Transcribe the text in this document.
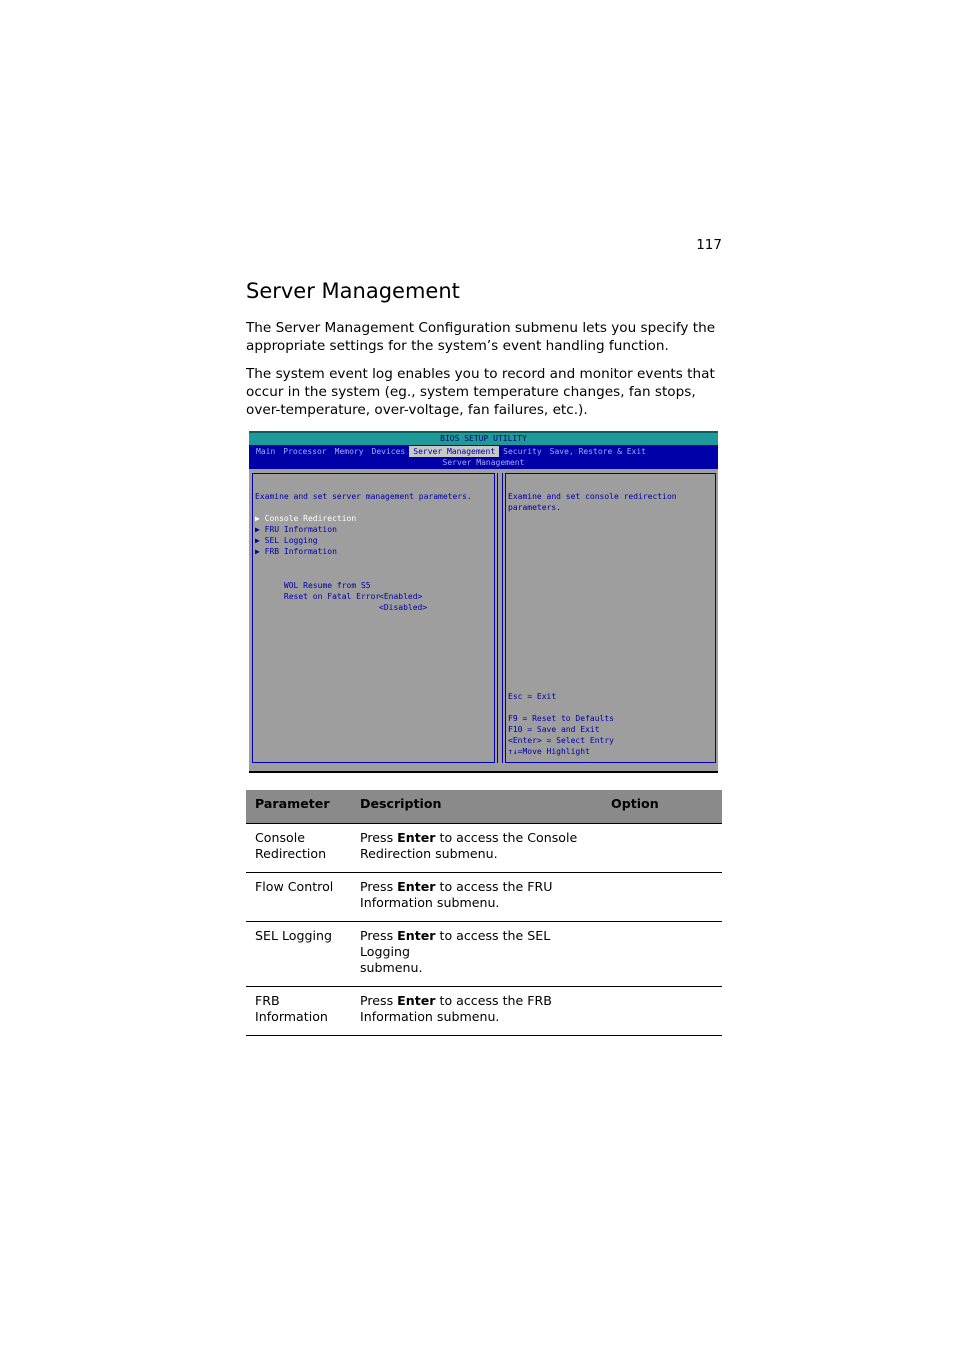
117
Server Management

The Server Management Configuration submenu lets you specify the appropriate settings for the system’s event handling function.

The system event log enables you to record and monitor events that occur in the system (eg., system temperature changes, fan stops, over-temperature, over-voltage, fan failures, etc.).

BIOS SETUP UTILITY
Main	Processor	Memory	Devices	Server Management	Security	Save, Restore & Exit
Server Management
Examine and set server management parameters.
▶ Console Redirection
▶ FRU Information
▶ SEL Logging
▶ FRB Information

WOL Resume from S5

<Enabled>

Reset on Fatal Error

<Disabled>

Examine and set console redirection
parameters.
Esc = Exit
F9 = Reset to Defaults
F10 = Save and Exit
<Enter> = Select Entry
↑↓=Move Highlight
Parameter	Description	Option
Console
Redirection	Press Enter to access the Console
Redirection submenu.	
Flow Control	Press Enter to access the FRU
Information submenu.	
SEL Logging	Press Enter to access the SEL Logging
submenu.	
FRB
Information	Press Enter to access the FRB
Information submenu.	
